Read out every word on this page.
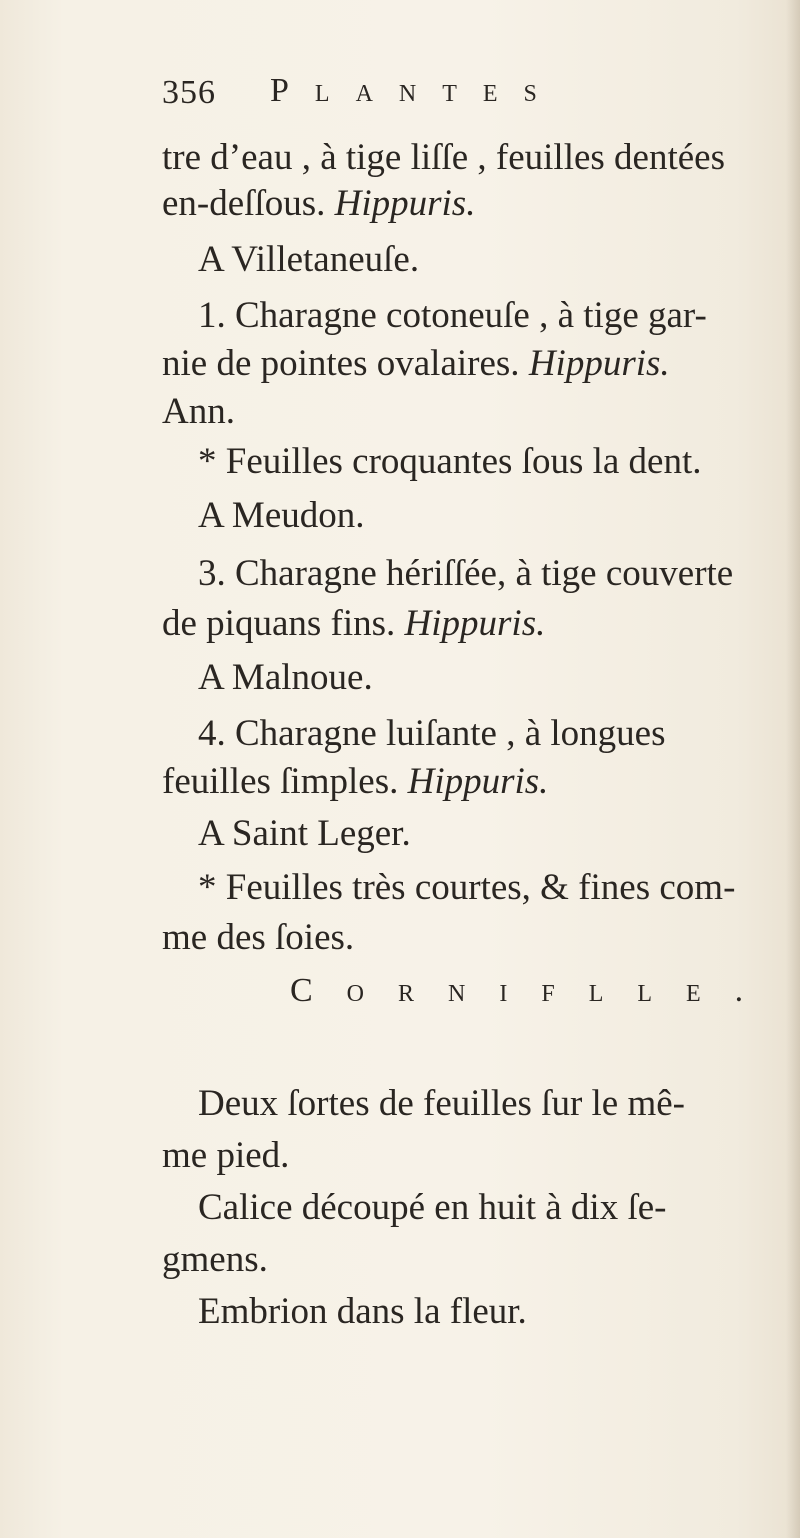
356 Plantes
tre d’eau , à tige liſſe , feuilles dentées
en-deſſous. Hippuris.
A Villetaneuſe.
1. Charagne cotoneuſe , à tige gar-
nie de pointes ovalaires. Hippuris.
Ann.
* Feuilles croquantes ſous la dent.
A Meudon.
3. Charagne hériſſée, à tige couverte
de piquans fins. Hippuris.
A Malnoue.
4. Charagne luiſante , à longues
feuilles ſimples. Hippuris.
A Saint Leger.
* Feuilles très courtes, & fines com-
me des ſoies.
Corniflle.
Deux ſortes de feuilles ſur le mê-
me pied.
Calice découpé en huit à dix ſe-
gmens.
Embrion dans la fleur.
